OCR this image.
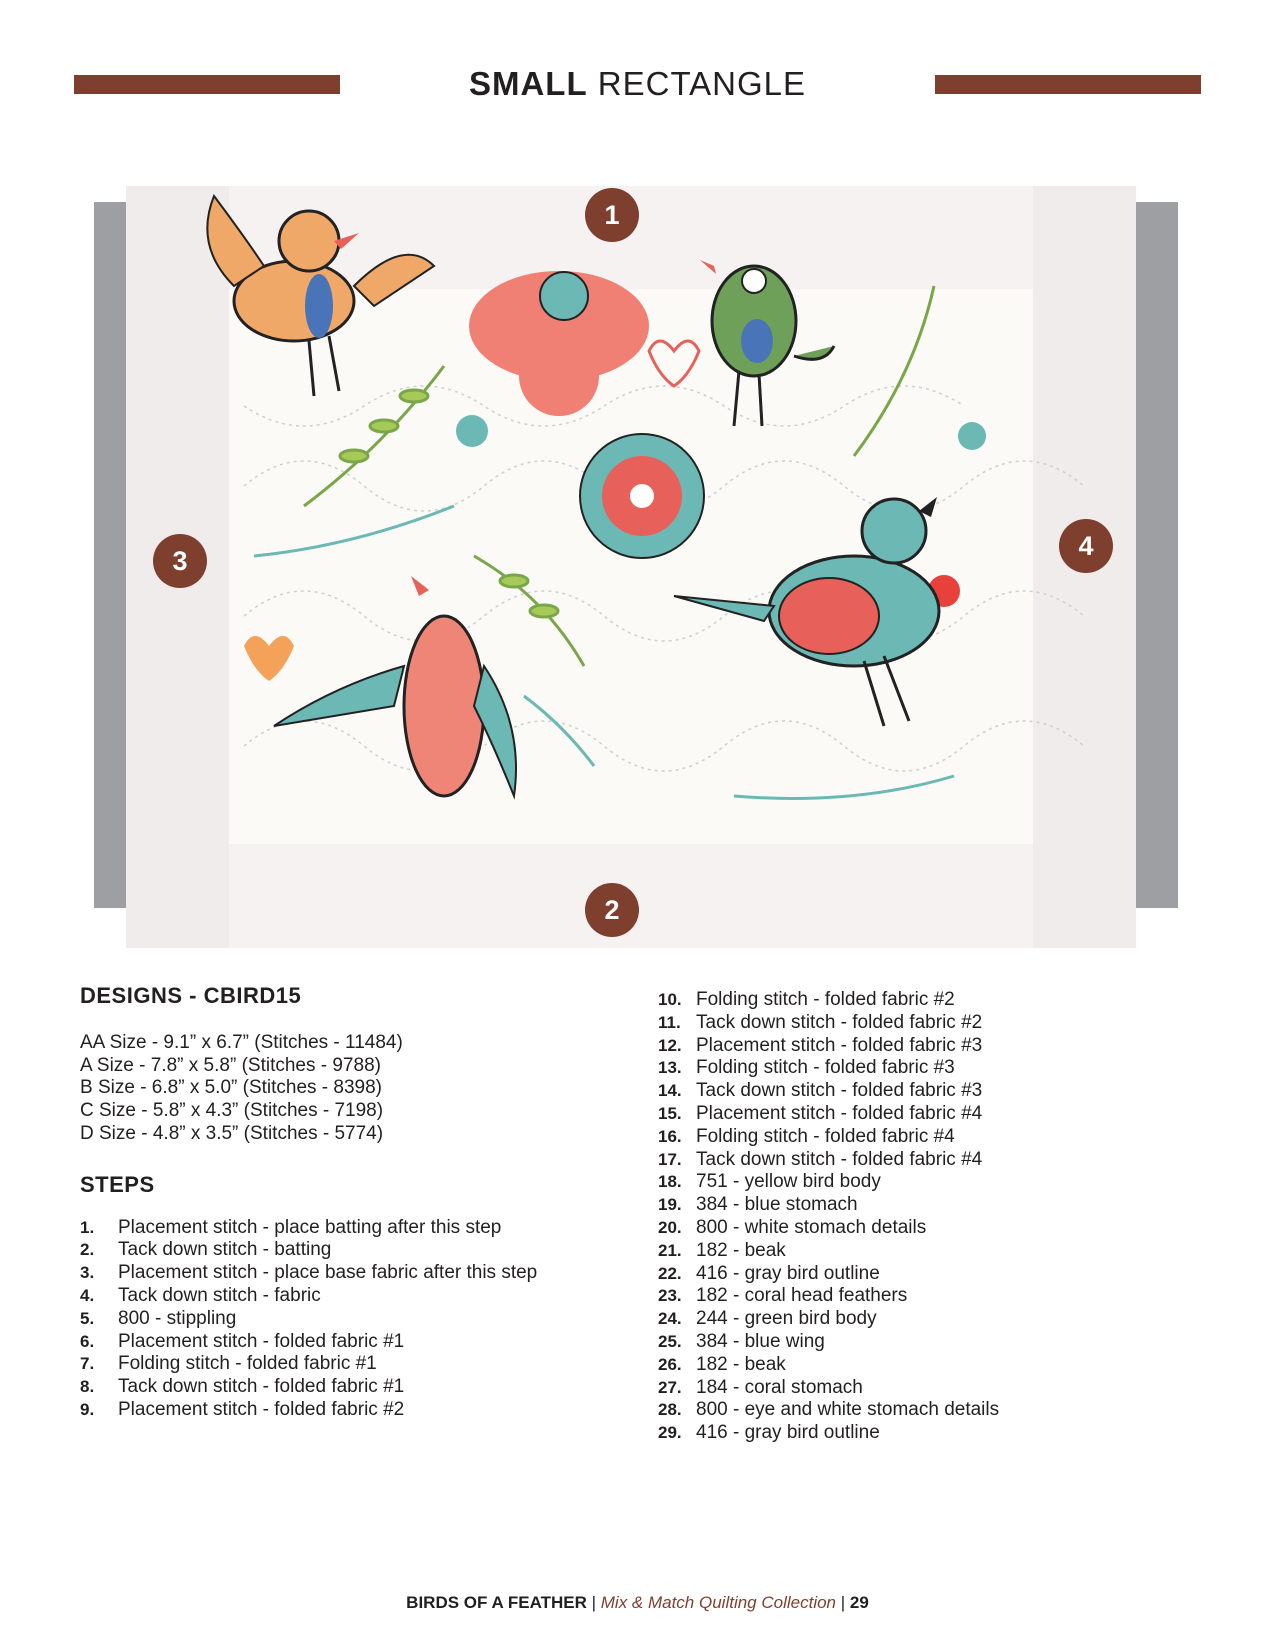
SMALL RECTANGLE
1
2
3	4
DESIGNS - CBIRD15
AA Size - 9.1” x 6.7” (Stitches - 11484)
A Size - 7.8” x 5.8” (Stitches - 9788)
B Size - 6.8” x 5.0” (Stitches - 8398)
C Size - 5.8” x 4.3” (Stitches - 7198)
D Size - 4.8” x 3.5” (Stitches - 5774)
STEPS
1.	Placement stitch - place batting after this step
2.	Tack down stitch - batting
3.	Placement stitch - place base fabric after this step
4.	Tack down stitch - fabric
5.	800 - stippling
6.	Placement stitch - folded fabric #1
7.	Folding stitch - folded fabric #1
8.	Tack down stitch - folded fabric #1
9.	Placement stitch - folded fabric #2
10. Folding stitch - folded fabric #2
11. Tack down stitch - folded fabric #2
12. Placement stitch - folded fabric #3
13. Folding stitch - folded fabric #3
14. Tack down stitch - folded fabric #3
15. Placement stitch - folded fabric #4
16. Folding stitch - folded fabric #4
17. Tack down stitch - folded fabric #4
18. 751 - yellow bird body
19. 384 - blue stomach
20. 800 - white stomach details
21. 182 - beak
22. 416 - gray bird outline
23. 182 - coral head feathers
24. 244 - green bird body
25. 384 - blue wing
26. 182 - beak
27. 184 - coral stomach
28. 800 - eye and white stomach details
29. 416 - gray bird outline
BIRDS OF A FEATHER | Mix & Match Quilting Collection | 29
